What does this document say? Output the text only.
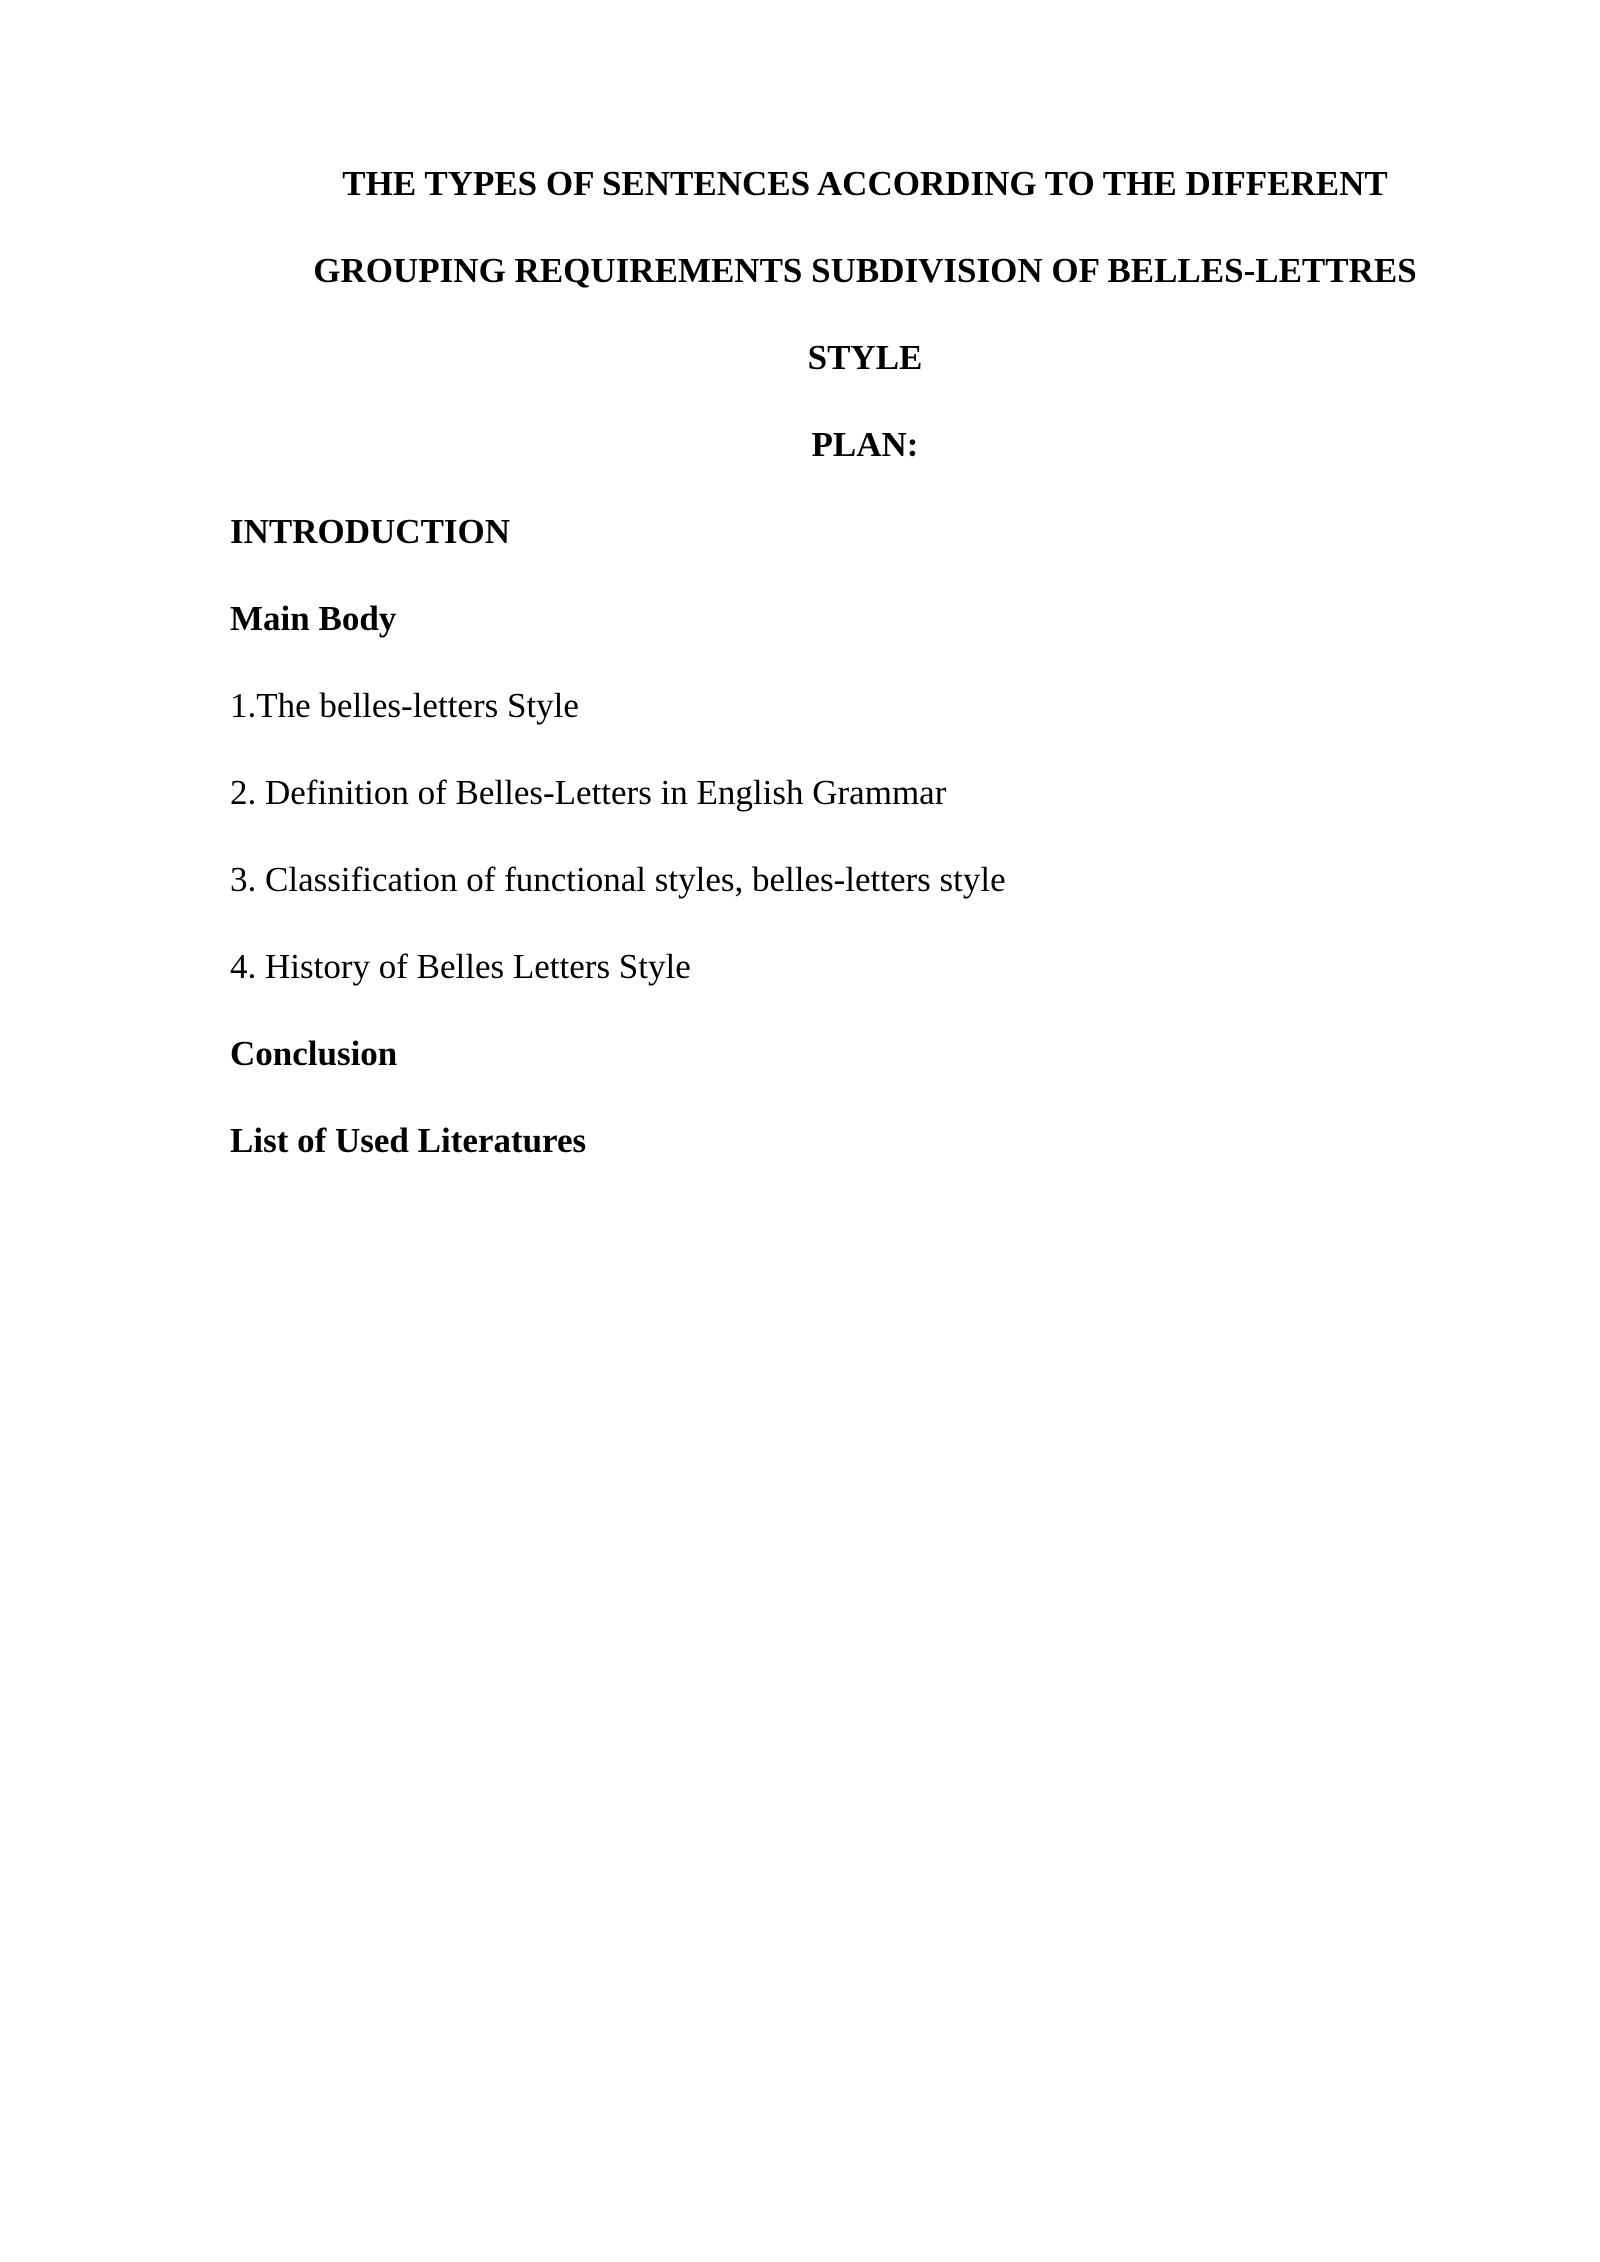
THE TYPES OF SENTENCES ACCORDING TO THE DIFFERENT
GROUPING REQUIREMENTS SUBDIVISION OF BELLES-LETTRES
STYLE
PLAN:
INTRODUCTION
Main Body
1.The belles-letters Style
2. Definition of Belles-Letters in English Grammar
3. Classification of functional styles, belles-letters style
4. History of Belles Letters Style
Conclusion
List of Used Literatures
